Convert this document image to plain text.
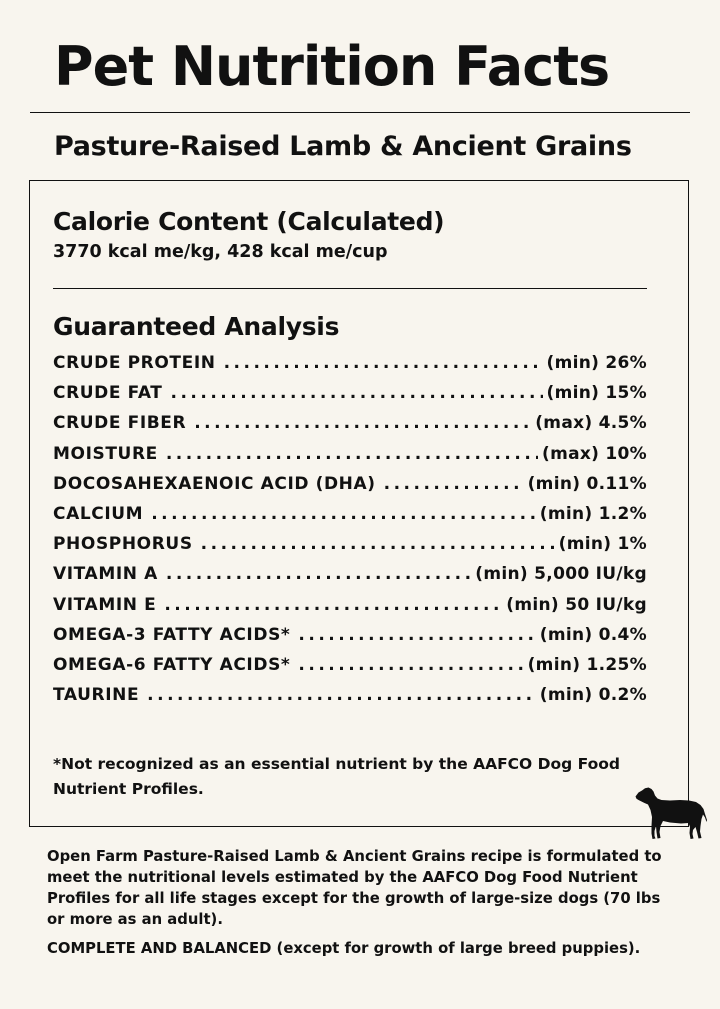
Pet Nutrition Facts
Pasture-Raised Lamb & Ancient Grains
Calorie Content (Calculated)
3770 kcal me/kg, 428 kcal me/cup
Guaranteed Analysis
CRUDE PROTEIN .....	(min) 26%
CRUDE FAT .....	(min) 15%
CRUDE FIBER .....	(max) 4.5%
MOISTURE .....	(max) 10%
DOCOSAHEXAENOIC ACID (DHA) .....	(min) 0.11%
CALCIUM .....	(min) 1.2%
PHOSPHORUS .....	(min) 1%
VITAMIN A .....	(min) 5,000 IU/kg
VITAMIN E .....	(min) 50 IU/kg
OMEGA-3 FATTY ACIDS* .....	(min) 0.4%
OMEGA-6 FATTY ACIDS* .....	(min) 1.25%
TAURINE .....	(min) 0.2%

*Not recognized as an essential nutrient by the AAFCO Dog Food Nutrient Profiles.

Open Farm Pasture-Raised Lamb & Ancient Grains recipe is formulated to meet the nutritional levels estimated by the AAFCO Dog Food Nutrient Profiles for all life stages except for the growth of large-size dogs (70 lbs or more as an adult).

COMPLETE AND BALANCED (except for growth of large breed puppies).
